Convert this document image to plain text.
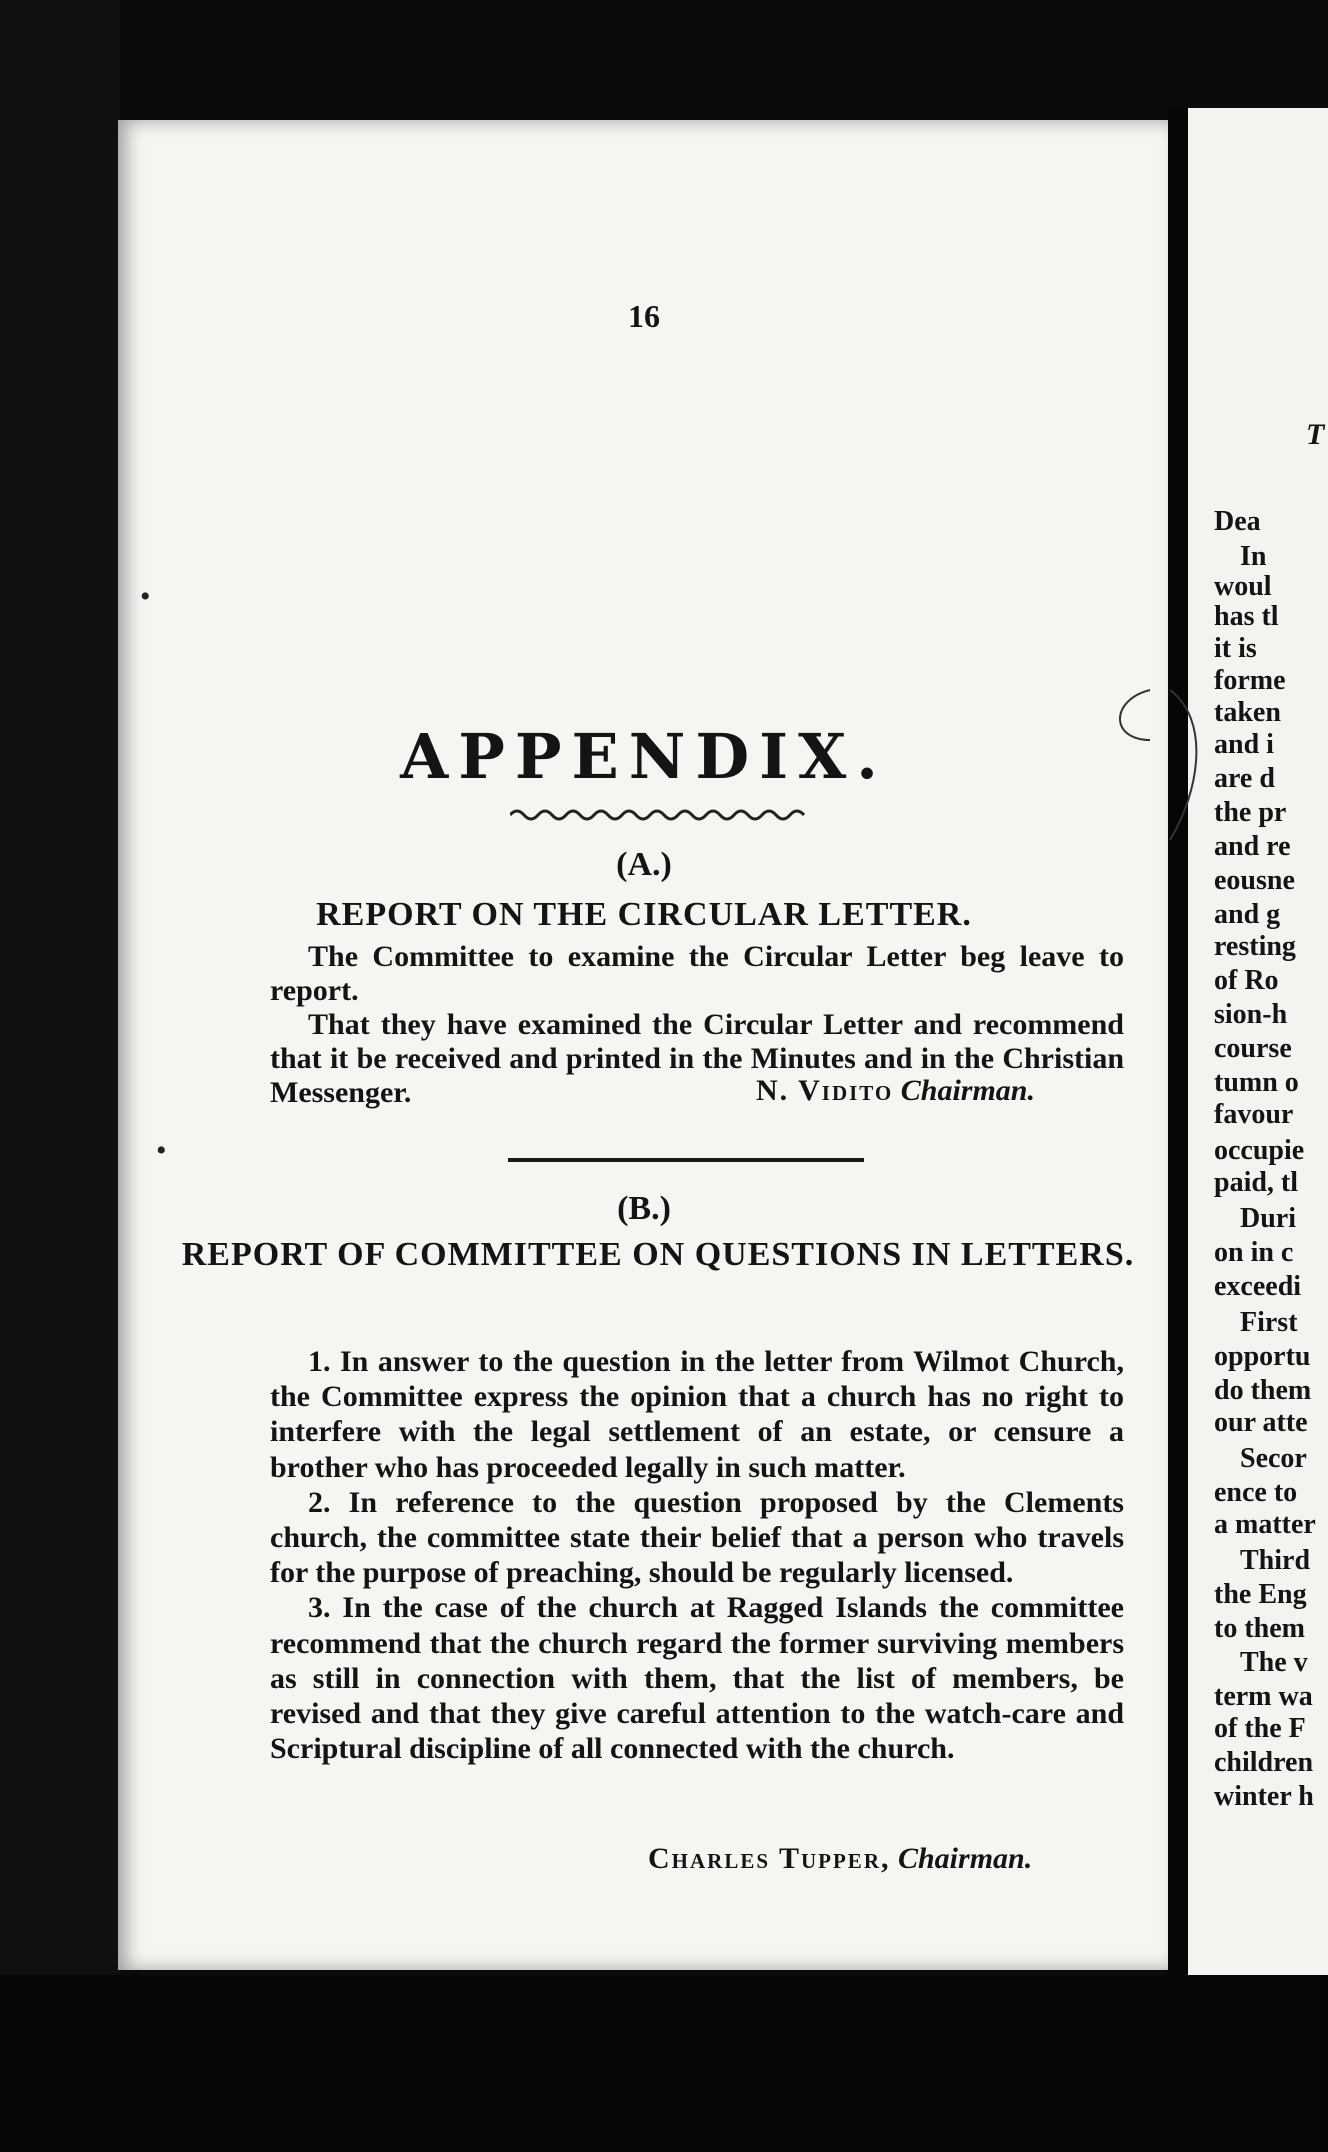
16
APPENDIX.
(A.)
REPORT ON THE CIRCULAR LETTER.

The Committee to examine the Circular Letter beg leave to report.

That they have examined the Circular Letter and recommend that it be received and printed in the Minutes and in the Christian Messenger.	N. Vidito Chairman.
(B.)
REPORT OF COMMITTEE ON QUESTIONS IN LETTERS.

1. In answer to the question in the letter from Wilmot Church, the Committee express the opinion that a church has no right to interfere with the legal settlement of an estate, or censure a brother who has proceeded legally in such matter.

2. In reference to the question proposed by the Clements church, the committee state their belief that a person who travels for the purpose of preaching, should be regularly licensed.

3. In the case of the church at Ragged Islands the committee recommend that the church regard the former surviving members as still in connection with them, that the list of members, be revised and that they give careful attention to the watch-care and Scriptural discipline of all connected with the church.

Charles Tupper, Chairman.
•
•
T
Dea
In
woul
has tl
it is
forme
taken
and i
are d
the pr
and re
eousne
and g
resting
of Ro
sion-h
course
tumn o
favour
occupie
paid, tl
Duri
on in c
exceedi
First
opportu
do them
our atte
Secor
ence to
a matter
Third
the Eng
to them
The v
term wa
of the F
children
winter h
